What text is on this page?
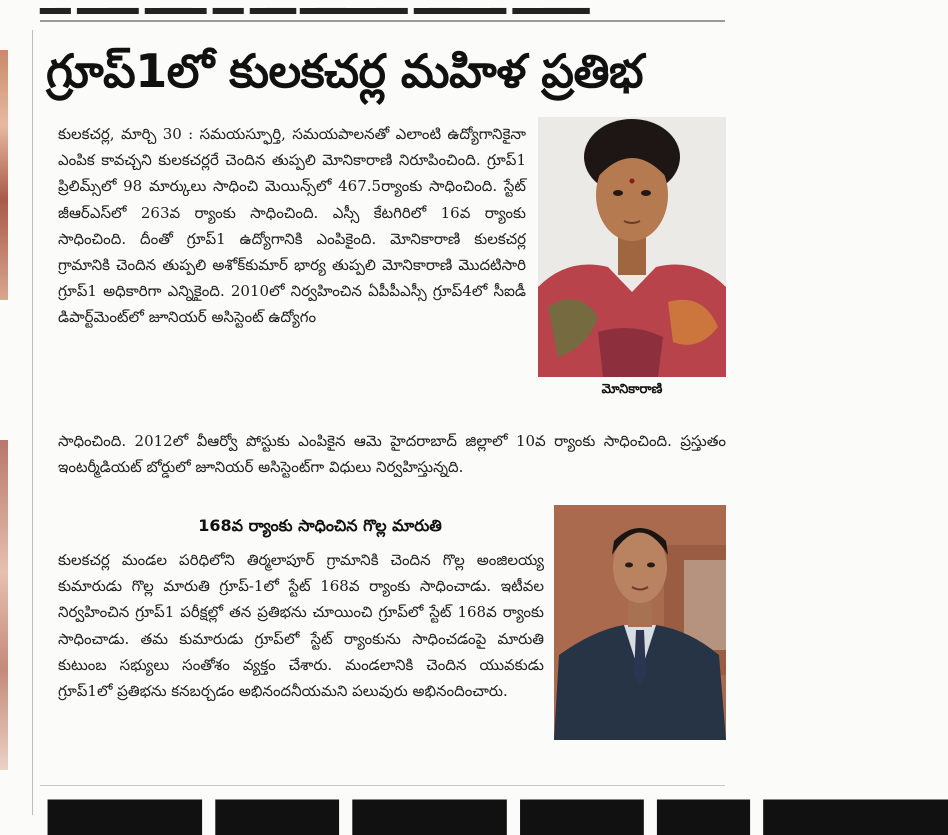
▂▂ ▂▂▂▂ ▂▂▂▂ ▂▂ ▂▂▂ ▂▂▂▂▂▂▂ ▂▂▂▂▂▂ ▂▂▂▂▂
గ్రూప్‌1లో కులకచర్ల మహిళ ప్రతిభ

కులకచర్ల, మార్చి 30 : సమయస్ఫూర్తి, సమయపాలనతో ఎలాంటి ఉద్యోగానికైనా ఎంపిక కావచ్చని కులకచర్లరే చెందిన తుప్పలి మోనికారాణి నిరూపించింది. గ్రూప్‌1 ప్రిలిమ్స్‌లో 98 మార్కులు సాధించి మెయిన్స్‌లో 467.5ర్యాంకు సాధించింది. స్టేట్‌ జీఆర్‌ఎస్‌లో 263వ ర్యాంకు సాధించింది. ఎస్సీ కేటగిరిలో 16వ ర్యాంకు సాధించింది. దీంతో గ్రూప్‌1 ఉద్యోగానికి ఎంపికైంది. మోనికారాణి కులకచర్ల గ్రామానికి చెందిన తుప్పలి అశోక్‌కుమార్‌ భార్య తుప్పలి మోనికారాణి మొదటిసారి గ్రూప్‌1 అధికారిగా ఎన్నికైంది. 2010లో నిర్వహించిన ఏపీపీఎస్సీ గ్రూప్‌4లో సీఐడీ డిపార్ట్‌మెంట్‌లో జూనియర్‌ అసిస్టెంట్‌ ఉద్యోగం

మోనికారాణి

సాధించింది. 2012లో వీఆర్వో పోస్టుకు ఎంపికైన ఆమె హైదరాబాద్‌ జిల్లాలో 10వ ర్యాంకు సాధించింది. ప్రస్తుతం ఇంటర్మీడియట్‌ బోర్డులో జూనియర్‌ అసిస్టెంట్‌గా విధులు నిర్వహిస్తున్నది.

168వ ర్యాంకు సాధించిన గొల్ల మారుతి

కులకచర్ల మండల పరిధిలోని తిర్మలాపూర్‌ గ్రామానికి చెందిన గొల్ల అంజిలయ్య కుమారుడు గొల్ల మారుతి గ్రూప్‌-1లో స్టేట్‌ 168వ ర్యాంకు సాధించాడు. ఇటీవల నిర్వహించిన గ్రూప్‌1 పరీక్షల్లో తన ప్రతిభను చూయించి గ్రూప్‌లో స్టేట్‌ 168వ ర్యాంకు సాధించాడు. తమ కుమారుడు గ్రూప్‌లో స్టేట్‌ ర్యాంకును సాధించడంపై మారుతి కుటుంబ సభ్యులు సంతోశం వ్యక్తం చేశారు. మండలానికి చెందిన యువకుడు గ్రూప్‌1లో ప్రతిభను కనబర్చడం అభినందనీయమని పలువురు అభినందించారు.

▆▆▆▆▆ ▆▆▆▆ ▆▆▆▆▆ ▆▆▆▆ ▆▆▆ ▆▆▆▆▆▆
